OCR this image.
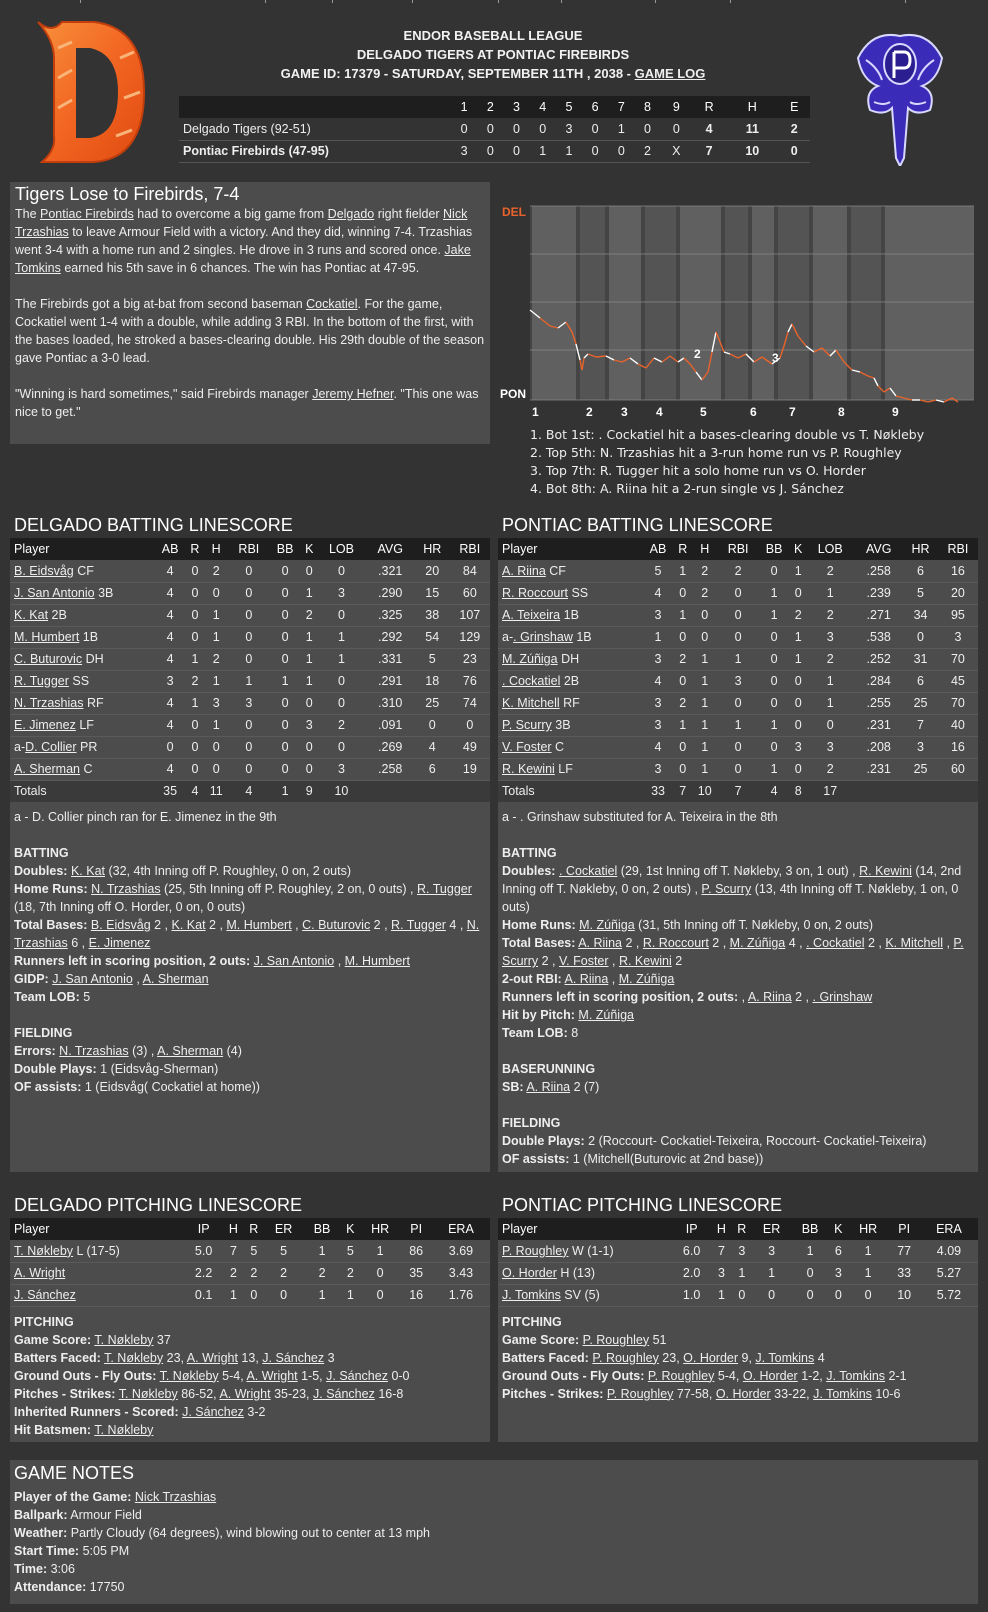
ENDOR BASEBALL LEAGUE
DELGADO TIGERS AT PONTIAC FIREBIRDS
GAME ID: 17379 - SATURDAY, SEPTEMBER 11TH , 2038 - GAME LOG
	1	2	3	4	5	6	7	8	9	R	H	E
Delgado Tigers (92-51)	0	0	0	0	3	0	1	0	0	4	11	2
Pontiac Firebirds (47-95)	3	0	0	1	1	0	0	2	X	7	10	0
Tigers Lose to Firebirds, 7-4

The Pontiac Firebirds had to overcome a big game from Delgado right fielder Nick Trzashias to leave Armour Field with a victory. And they did, winning 7-4. Trzashias went 3-4 with a home run and 2 singles. He drove in 3 runs and scored once. Jake Tomkins earned his 5th save in 6 chances. The win has Pontiac at 47-95.

The Firebirds got a big at-bat from second baseman Cockatiel. For the game, Cockatiel went 1-4 with a double, while adding 3 RBI. In the bottom of the first, with the bases loaded, he stroked a bases-clearing double. His 29th double of the season gave Pontiac a 3-0 lead.

"Winning is hard sometimes," said Firebirds manager Jeremy Hefner. "This one was nice to get."

DEL
PON
1	2 3 4	5	6	7	8	9
2	3
1. Bot 1st: . Cockatiel hit a bases-clearing double vs T. Nøkleby
2. Top 5th: N. Trzashias hit a 3-run home run vs P. Roughley
3. Top 7th: R. Tugger hit a solo home run vs O. Horder
4. Bot 8th: A. Riina hit a 2-run single vs J. Sánchez
DELGADO BATTING LINESCORE
Player	AB	R	H	RBI	BB	K	LOB	AVG	HR	RBI
B. Eidsvåg CF	4	0	2	0	0	0	0	.321	20	84
J. San Antonio 3B	4	0	0	0	0	1	3	.290	15	60
K. Kat 2B	4	0	1	0	0	2	0	.325	38	107
M. Humbert 1B	4	0	1	0	0	1	1	.292	54	129
C. Buturovic DH	4	1	2	0	0	1	1	.331	5	23
R. Tugger SS	3	2	1	1	1	1	0	.291	18	76
N. Trzashias RF	4	1	3	3	0	0	0	.310	25	74
E. Jimenez LF	4	0	1	0	0	3	2	.091	0	0
a-D. Collier PR	0	0	0	0	0	0	0	.269	4	49
A. Sherman C	4	0	0	0	0	0	3	.258	6	19
Totals	35	4	11	4	1	9	10			
a - D. Collier pinch ran for E. Jimenez in the 9th
BATTING
Doubles: K. Kat (32, 4th Inning off P. Roughley, 0 on, 2 outs)
Home Runs: N. Trzashias (25, 5th Inning off P. Roughley, 2 on, 0 outs) , R. Tugger (18, 7th Inning off O. Horder, 0 on, 0 outs)
Total Bases: B. Eidsvåg 2 , K. Kat 2 , M. Humbert , C. Buturovic 2 , R. Tugger 4 , N. Trzashias 6 , E. Jimenez
Runners left in scoring position, 2 outs: J. San Antonio , M. Humbert
GIDP: J. San Antonio , A. Sherman
Team LOB: 5
FIELDING
Errors: N. Trzashias (3) , A. Sherman (4)
Double Plays: 1 (Eidsvåg-Sherman)
OF assists: 1 (Eidsvåg( Cockatiel at home))
PONTIAC BATTING LINESCORE
Player	AB	R	H	RBI	BB	K	LOB	AVG	HR	RBI
A. Riina CF	5	1	2	2	0	1	2	.258	6	16
R. Roccourt SS	4	0	2	0	1	0	1	.239	5	20
A. Teixeira 1B	3	1	0	0	1	2	2	.271	34	95
a-. Grinshaw 1B	1	0	0	0	0	1	3	.538	0	3
M. Zúñiga DH	3	2	1	1	0	1	2	.252	31	70
. Cockatiel 2B	4	0	1	3	0	0	1	.284	6	45
K. Mitchell RF	3	2	1	0	0	0	1	.255	25	70
P. Scurry 3B	3	1	1	1	1	0	0	.231	7	40
V. Foster C	4	0	1	0	0	3	3	.208	3	16
R. Kewini LF	3	0	1	0	1	0	2	.231	25	60
Totals	33	7	10	7	4	8	17			
a - . Grinshaw substituted for A. Teixeira in the 8th
BATTING
Doubles: . Cockatiel (29, 1st Inning off T. Nøkleby, 3 on, 1 out) , R. Kewini (14, 2nd Inning off T. Nøkleby, 0 on, 2 outs) , P. Scurry (13, 4th Inning off T. Nøkleby, 1 on, 0 outs)
Home Runs: M. Zúñiga (31, 5th Inning off T. Nøkleby, 0 on, 2 outs)
Total Bases: A. Riina 2 , R. Roccourt 2 , M. Zúñiga 4 , . Cockatiel 2 , K. Mitchell , P. Scurry 2 , V. Foster , R. Kewini 2
2-out RBI: A. Riina , M. Zúñiga
Runners left in scoring position, 2 outs: , A. Riina 2 , . Grinshaw
Hit by Pitch: M. Zúñiga
Team LOB: 8
BASERUNNING
SB: A. Riina 2 (7)
FIELDING
Double Plays: 2 (Roccourt- Cockatiel-Teixeira, Roccourt- Cockatiel-Teixeira)
OF assists: 1 (Mitchell(Buturovic at 2nd base))
DELGADO PITCHING LINESCORE
Player	IP	H	R	ER	BB	K	HR	PI	ERA
T. Nøkleby L (17-5)	5.0	7	5	5	1	5	1	86	3.69
A. Wright	2.2	2	2	2	2	2	0	35	3.43
J. Sánchez	0.1	1	0	0	1	1	0	16	1.76
PITCHING
Game Score: T. Nøkleby 37
Batters Faced: T. Nøkleby 23, A. Wright 13, J. Sánchez 3
Ground Outs - Fly Outs: T. Nøkleby 5-4, A. Wright 1-5, J. Sánchez 0-0
Pitches - Strikes: T. Nøkleby 86-52, A. Wright 35-23, J. Sánchez 16-8
Inherited Runners - Scored: J. Sánchez 3-2
Hit Batsmen: T. Nøkleby
PONTIAC PITCHING LINESCORE
Player	IP	H	R	ER	BB	K	HR	PI	ERA
P. Roughley W (1-1)	6.0	7	3	3	1	6	1	77	4.09
O. Horder H (13)	2.0	3	1	1	0	3	1	33	5.27
J. Tomkins SV (5)	1.0	1	0	0	0	0	0	10	5.72
PITCHING
Game Score: P. Roughley 51
Batters Faced: P. Roughley 23, O. Horder 9, J. Tomkins 4
Ground Outs - Fly Outs: P. Roughley 5-4, O. Horder 1-2, J. Tomkins 2-1
Pitches - Strikes: P. Roughley 77-58, O. Horder 33-22, J. Tomkins 10-6
GAME NOTES
Player of the Game: Nick Trzashias
Ballpark: Armour Field
Weather: Partly Cloudy (64 degrees), wind blowing out to center at 13 mph
Start Time: 5:05 PM
Time: 3:06
Attendance: 17750
